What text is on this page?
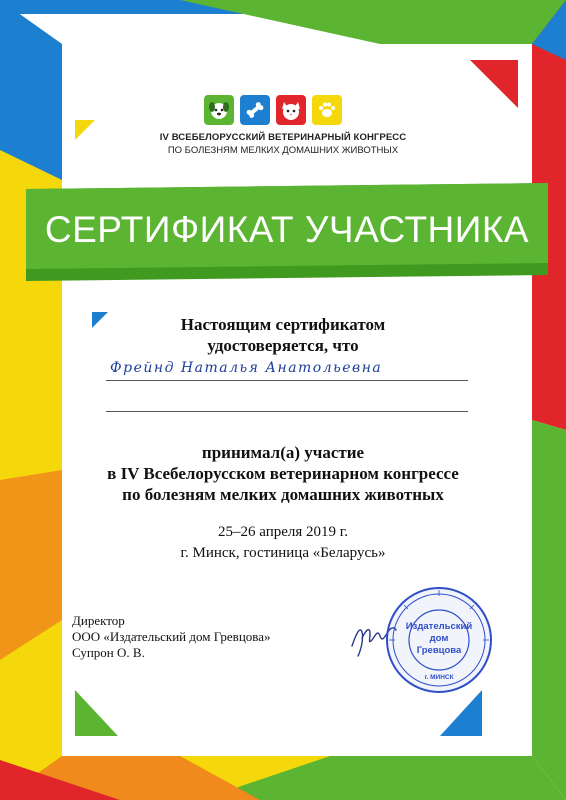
IV ВСЕБЕЛОРУССКИЙ ВЕТЕРИНАРНЫЙ КОНГРЕСС
ПО БОЛЕЗНЯМ МЕЛКИХ ДОМАШНИХ ЖИВОТНЫХ
СЕРТИФИКАТ УЧАСТНИКА
Настоящим сертификатом
удостоверяется, что
Фрейнд Наталья Анатольевна
принимал(а) участие
в IV Всебелорусском ветеринарном конгрессе
по болезням мелких домашних животных
25–26 апреля 2019 г.
г. Минск, гостиница «Беларусь»
Директор
ООО «Издательский дом Гревцова»
Супрон О. В.
Издательский
дом
Гревцова
г. МИНСК
